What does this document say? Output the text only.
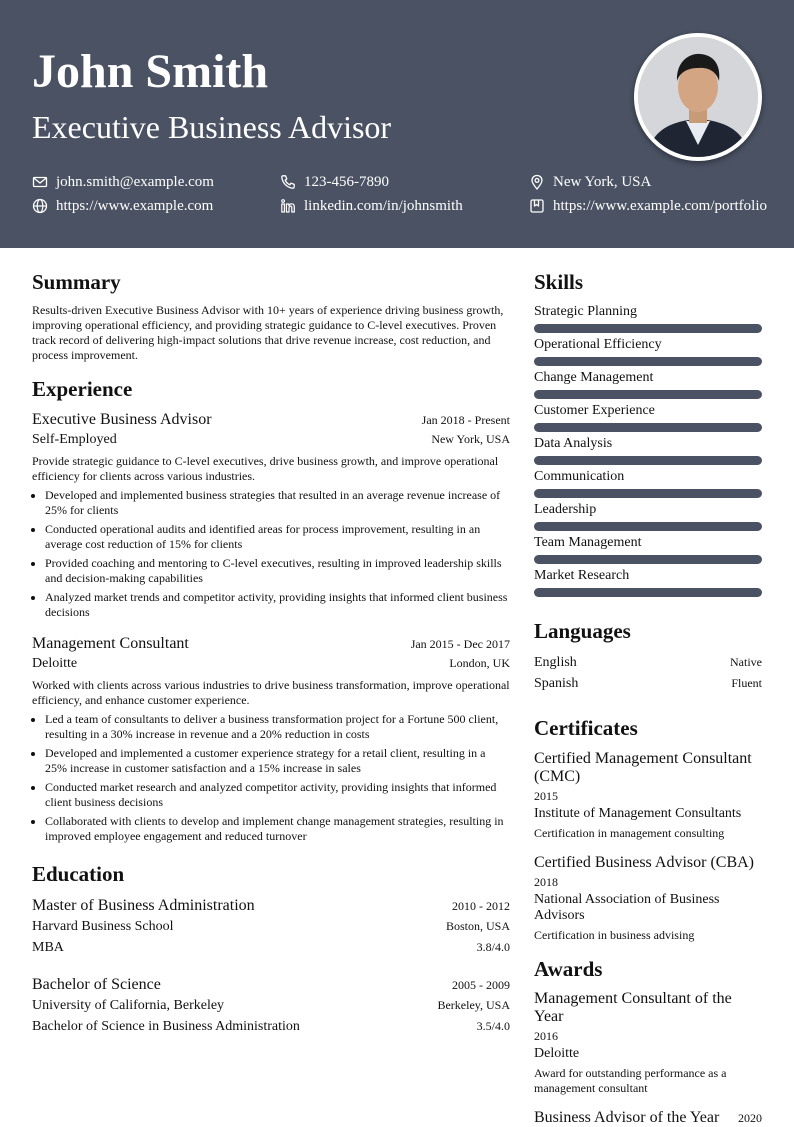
John Smith
Executive Business Advisor
john.smith@example.com	123-456-7890	New York, USA
https://www.example.com	linkedin.com/in/johnsmith	https://www.example.com/portfolio
Summary
Results-driven Executive Business Advisor with 10+ years of experience driving business growth, improving operational efficiency, and providing strategic guidance to C-level executives. Proven track record of delivering high-impact solutions that drive revenue increase, cost reduction, and process improvement.
Experience
Executive Business Advisor	Jan 2018 - Present
Self-Employed	New York, USA
Provide strategic guidance to C-level executives, drive business growth, and improve operational efficiency for clients across various industries.
• Developed and implemented business strategies that resulted in an average revenue increase of 25% for clients
• Conducted operational audits and identified areas for process improvement, resulting in an average cost reduction of 15% for clients
• Provided coaching and mentoring to C-level executives, resulting in improved leadership skills and decision-making capabilities
• Analyzed market trends and competitor activity, providing insights that informed client business decisions
Management Consultant	Jan 2015 - Dec 2017
Deloitte	London, UK
Worked with clients across various industries to drive business transformation, improve operational efficiency, and enhance customer experience.
• Led a team of consultants to deliver a business transformation project for a Fortune 500 client, resulting in a 30% increase in revenue and a 20% reduction in costs
• Developed and implemented a customer experience strategy for a retail client, resulting in a 25% increase in customer satisfaction and a 15% increase in sales
• Conducted market research and analyzed competitor activity, providing insights that informed client business decisions
• Collaborated with clients to develop and implement change management strategies, resulting in improved employee engagement and reduced turnover
Education
Master of Business Administration	2010 - 2012
Harvard Business School	Boston, USA
MBA	3.8/4.0
Bachelor of Science	2005 - 2009
University of California, Berkeley	Berkeley, USA
Bachelor of Science in Business Administration	3.5/4.0
Skills
Strategic Planning
Operational Efficiency
Change Management
Customer Experience
Data Analysis
Communication
Leadership
Team Management
Market Research
Languages
English	Native
Spanish	Fluent
Certificates
Certified Management Consultant (CMC)
2015
Institute of Management Consultants
Certification in management consulting
Certified Business Advisor (CBA)
2018
National Association of Business Advisors
Certification in business advising
Awards
Management Consultant of the Year
2016
Deloitte
Award for outstanding performance as a management consultant
Business Advisor of the Year 2020
